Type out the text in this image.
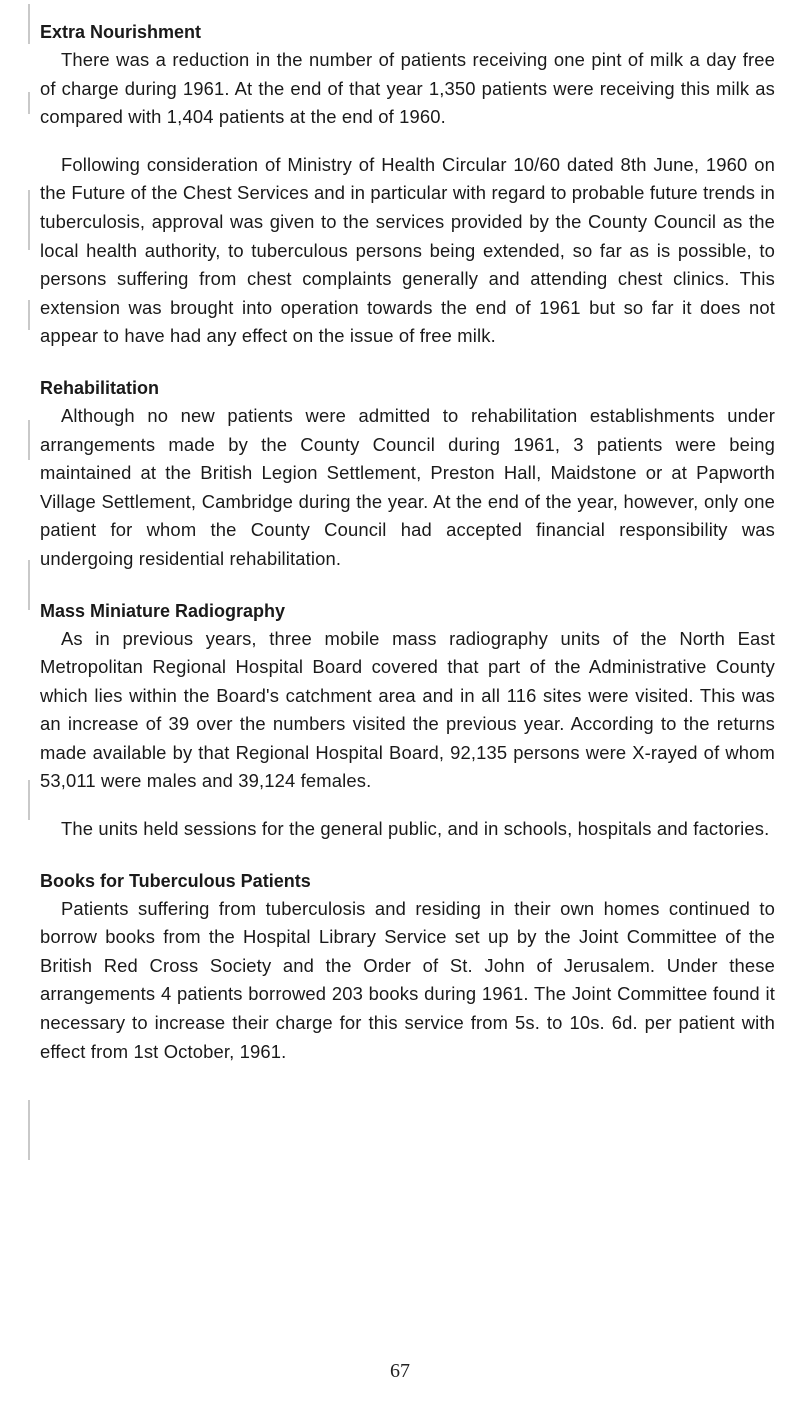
Extra Nourishment

There was a reduction in the number of patients receiving one pint of milk a day free of charge during 1961. At the end of that year 1,350 patients were receiving this milk as compared with 1,404 patients at the end of 1960.

Following consideration of Ministry of Health Circular 10/60 dated 8th June, 1960 on the Future of the Chest Services and in particular with regard to probable future trends in tuberculosis, approval was given to the services provided by the County Council as the local health authority, to tuberculous persons being extended, so far as is possible, to persons suffering from chest complaints generally and attending chest clinics. This extension was brought into operation towards the end of 1961 but so far it does not appear to have had any effect on the issue of free milk.

Rehabilitation

Although no new patients were admitted to rehabilitation establishments under arrangements made by the County Council during 1961, 3 patients were being maintained at the British Legion Settlement, Preston Hall, Maidstone or at Papworth Village Settlement, Cambridge during the year. At the end of the year, however, only one patient for whom the County Council had accepted financial responsibility was undergoing residential rehabilitation.

Mass Miniature Radiography

As in previous years, three mobile mass radiography units of the North East Metropolitan Regional Hospital Board covered that part of the Administrative County which lies within the Board's catchment area and in all 116 sites were visited. This was an increase of 39 over the numbers visited the previous year. According to the returns made available by that Regional Hospital Board, 92,135 persons were X-rayed of whom 53,011 were males and 39,124 females.

The units held sessions for the general public, and in schools, hospitals and factories.

Books for Tuberculous Patients

Patients suffering from tuberculosis and residing in their own homes continued to borrow books from the Hospital Library Service set up by the Joint Committee of the British Red Cross Society and the Order of St. John of Jerusalem. Under these arrangements 4 patients borrowed 203 books during 1961. The Joint Committee found it necessary to increase their charge for this service from 5s. to 10s. 6d. per patient with effect from 1st October, 1961.

67
